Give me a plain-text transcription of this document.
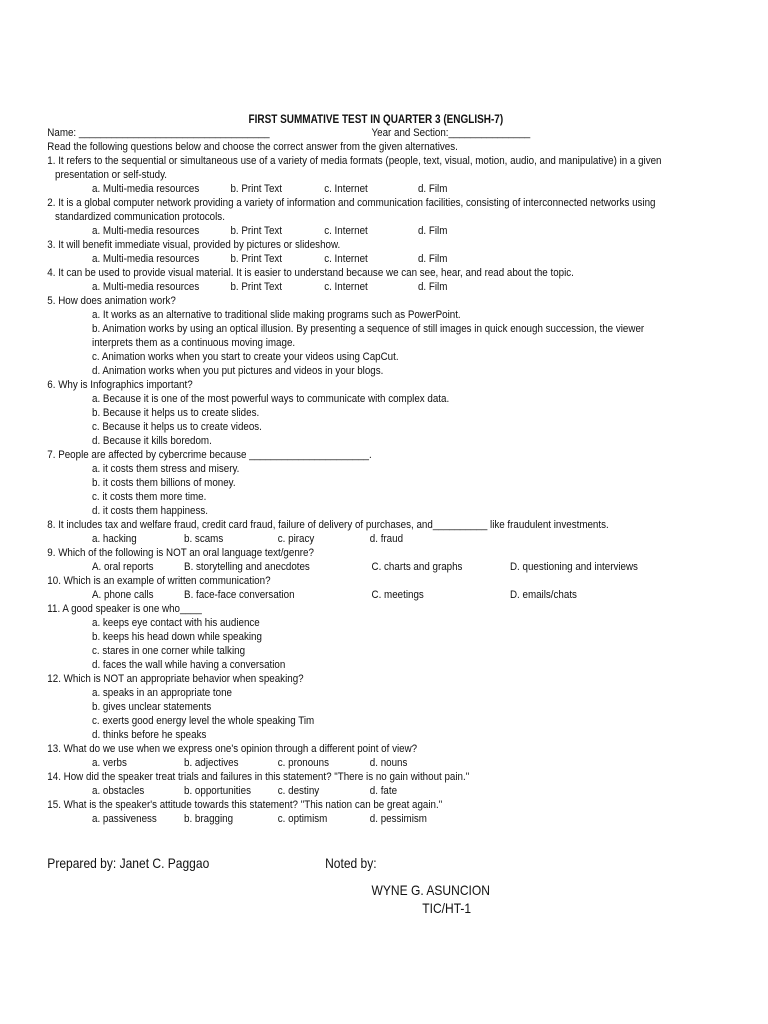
FIRST SUMMATIVE TEST IN QUARTER 3 (ENGLISH-7)
Name: ___________________________________	Year and Section:_______________
Read the following questions below and choose the correct answer from the given alternatives.
1. It refers to the sequential or simultaneous use of a variety of media formats (people, text, visual, motion, audio, and manipulative) in a given
presentation or self-study.
a. Multi-media resources	b. Print Text	c. Internet	d. Film
2. It is a global computer network providing a variety of information and communication facilities, consisting of interconnected networks using
standardized communication protocols.
a. Multi-media resources	b. Print Text	c. Internet	d. Film
3. It will benefit immediate visual, provided by pictures or slideshow.
a. Multi-media resources	b. Print Text	c. Internet	d. Film
4. It can be used to provide visual material. It is easier to understand because we can see, hear, and read about the topic.
a. Multi-media resources	b. Print Text	c. Internet	d. Film
5. How does animation work?
a. It works as an alternative to traditional slide making programs such as PowerPoint.
b. Animation works by using an optical illusion. By presenting a sequence of still images in quick enough succession, the viewer
interprets them as a continuous moving image.
c. Animation works when you start to create your videos using CapCut.
d. Animation works when you put pictures and videos in your blogs.
6. Why is Infographics important?
a. Because it is one of the most powerful ways to communicate with complex data.
b. Because it helps us to create slides.
c. Because it helps us to create videos.
d. Because it kills boredom.
7. People are affected by cybercrime because ______________________.
a. it costs them stress and misery.
b. it costs them billions of money.
c. it costs them more time.
d. it costs them happiness.
8. It includes tax and welfare fraud, credit card fraud, failure of delivery of purchases, and__________ like fraudulent investments.
a. hacking	b. scams	c. piracy	d. fraud
9. Which of the following is NOT an oral language text/genre?
A. oral reports	B. storytelling and anecdotes	C. charts and graphs	D. questioning and interviews
10. Which is an example of written communication?
A. phone calls	B. face-face conversation	C. meetings	D. emails/chats
11. A good speaker is one who____
a. keeps eye contact with his audience
b. keeps his head down while speaking
c. stares in one corner while talking
d. faces the wall while having a conversation
12. Which is NOT an appropriate behavior when speaking?
a. speaks in an appropriate tone
b. gives unclear statements
c. exerts good energy level the whole speaking Tim
d. thinks before he speaks
13. What do we use when we express one's opinion through a different point of view?
a. verbs	b. adjectives	c. pronouns	d. nouns
14. How did the speaker treat trials and failures in this statement? "There is no gain without pain."
a. obstacles	b. opportunities c. destiny	d. fate
15. What is the speaker's attitude towards this statement? "This nation can be great again."
a. passiveness b. bragging	c. optimism	d. pessimism
Prepared by: Janet C. Paggao	Noted by:
WYNE G. ASUNCION
TIC/HT-1
